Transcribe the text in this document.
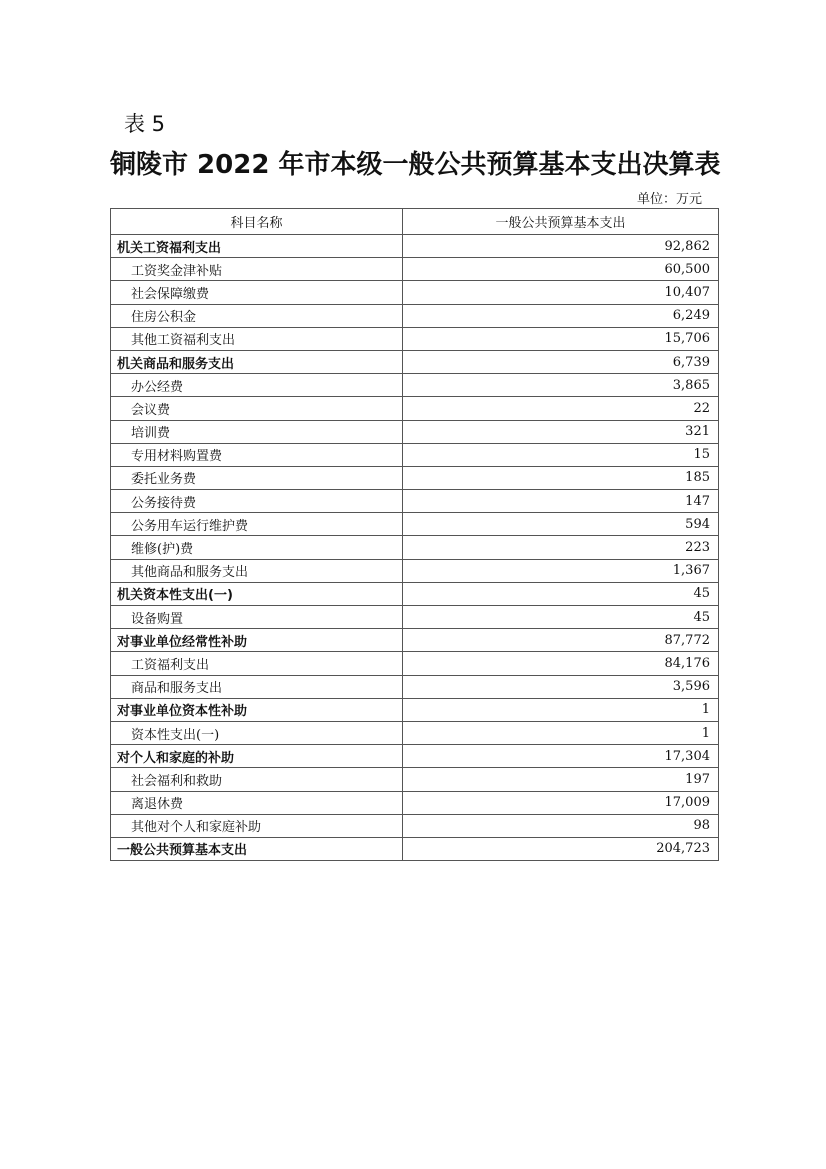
表 5
铜陵市 2022 年市本级一般公共预算基本支出决算表
单位：万元
科目名称	一般公共预算基本支出
机关工资福利支出	92,862
工资奖金津补贴	60,500
社会保障缴费	10,407
住房公积金	6,249
其他工资福利支出	15,706
机关商品和服务支出	6,739
办公经费	3,865
会议费	22
培训费	321
专用材料购置费	15
委托业务费	185
公务接待费	147
公务用车运行维护费	594
维修(护)费	223
其他商品和服务支出	1,367
机关资本性支出(一)	45
设备购置	45
对事业单位经常性补助	87,772
工资福利支出	84,176
商品和服务支出	3,596
对事业单位资本性补助	1
资本性支出(一)	1
对个人和家庭的补助	17,304
社会福利和救助	197
离退休费	17,009
其他对个人和家庭补助	98
一般公共预算基本支出	204,723
